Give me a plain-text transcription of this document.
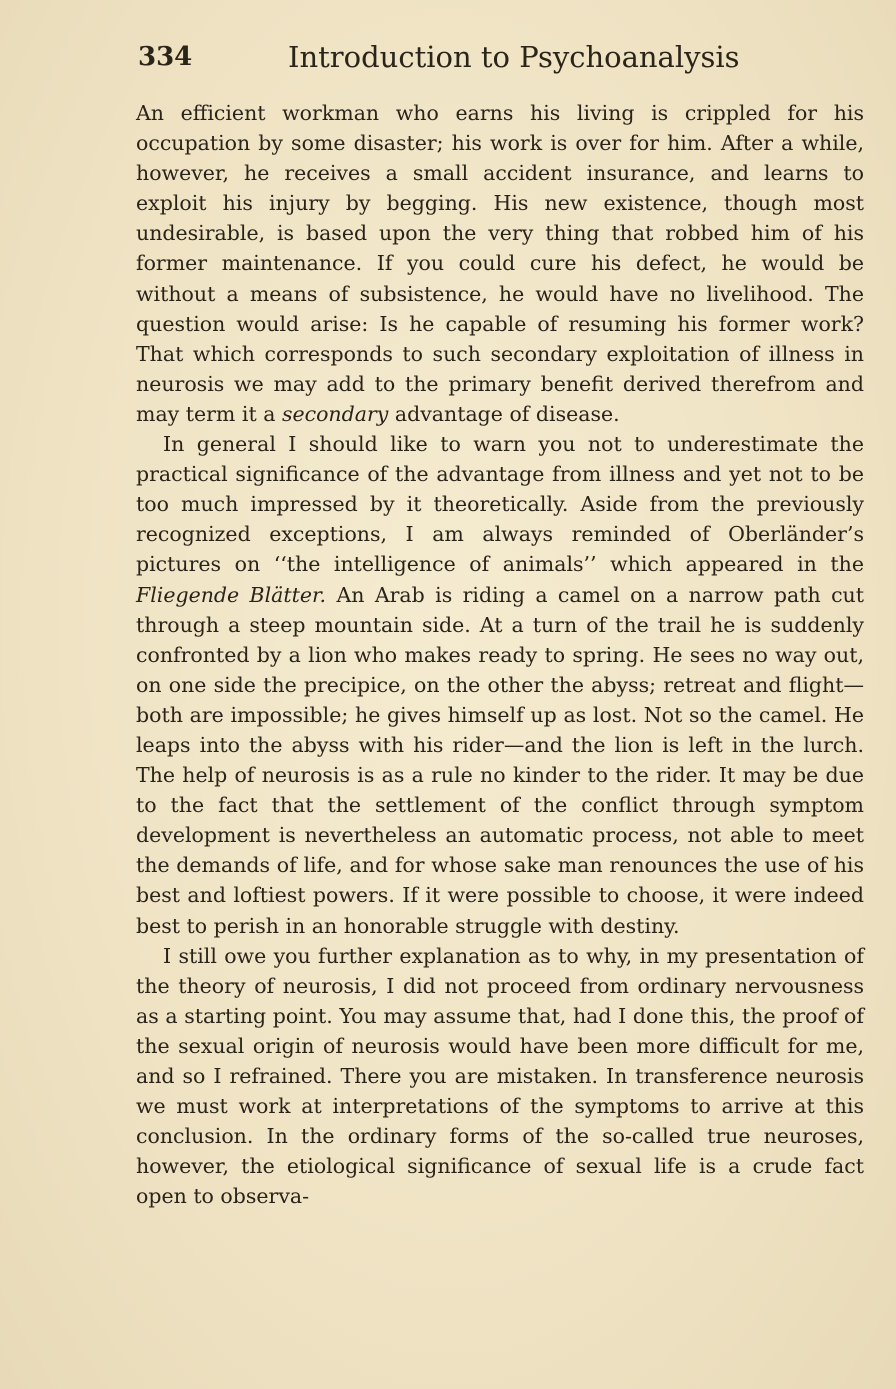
334	Introduction to Psychoanalysis

An efficient workman who earns his living is crippled for his occupation by some disaster; his work is over for him. After a while, however, he receives a small accident insurance, and learns to exploit his injury by begging. His new existence, though most undesirable, is based upon the very thing that robbed him of his former maintenance. If you could cure his defect, he would be without a means of subsistence, he would have no livelihood. The question would arise: Is he capable of resuming his former work? That which corresponds to such secondary exploitation of illness in neurosis we may add to the primary benefit derived therefrom and may term it a secondary advantage of disease.

In general I should like to warn you not to underestimate the practical significance of the advantage from illness and yet not to be too much impressed by it theoretically. Aside from the previously recognized exceptions, I am always reminded of Oberländer’s pictures on ‘‘the intelligence of animals’’ which appeared in the Fliegende Blätter. An Arab is riding a camel on a narrow path cut through a steep mountain side. At a turn of the trail he is suddenly confronted by a lion who makes ready to spring. He sees no way out, on one side the precipice, on the other the abyss; retreat and flight—both are impossible; he gives himself up as lost. Not so the camel. He leaps into the abyss with his rider—and the lion is left in the lurch. The help of neurosis is as a rule no kinder to the rider. It may be due to the fact that the settlement of the conflict through symptom development is nevertheless an automatic process, not able to meet the demands of life, and for whose sake man renounces the use of his best and loftiest powers. If it were possible to choose, it were indeed best to perish in an honorable struggle with destiny.

I still owe you further explanation as to why, in my presentation of the theory of neurosis, I did not proceed from ordinary nervousness as a starting point. You may assume that, had I done this, the proof of the sexual origin of neurosis would have been more difficult for me, and so I refrained. There you are mistaken. In transference neurosis we must work at interpretations of the symptoms to arrive at this conclusion. In the ordinary forms of the so-called true neuroses, however, the etiological significance of sexual life is a crude fact open to observa-
